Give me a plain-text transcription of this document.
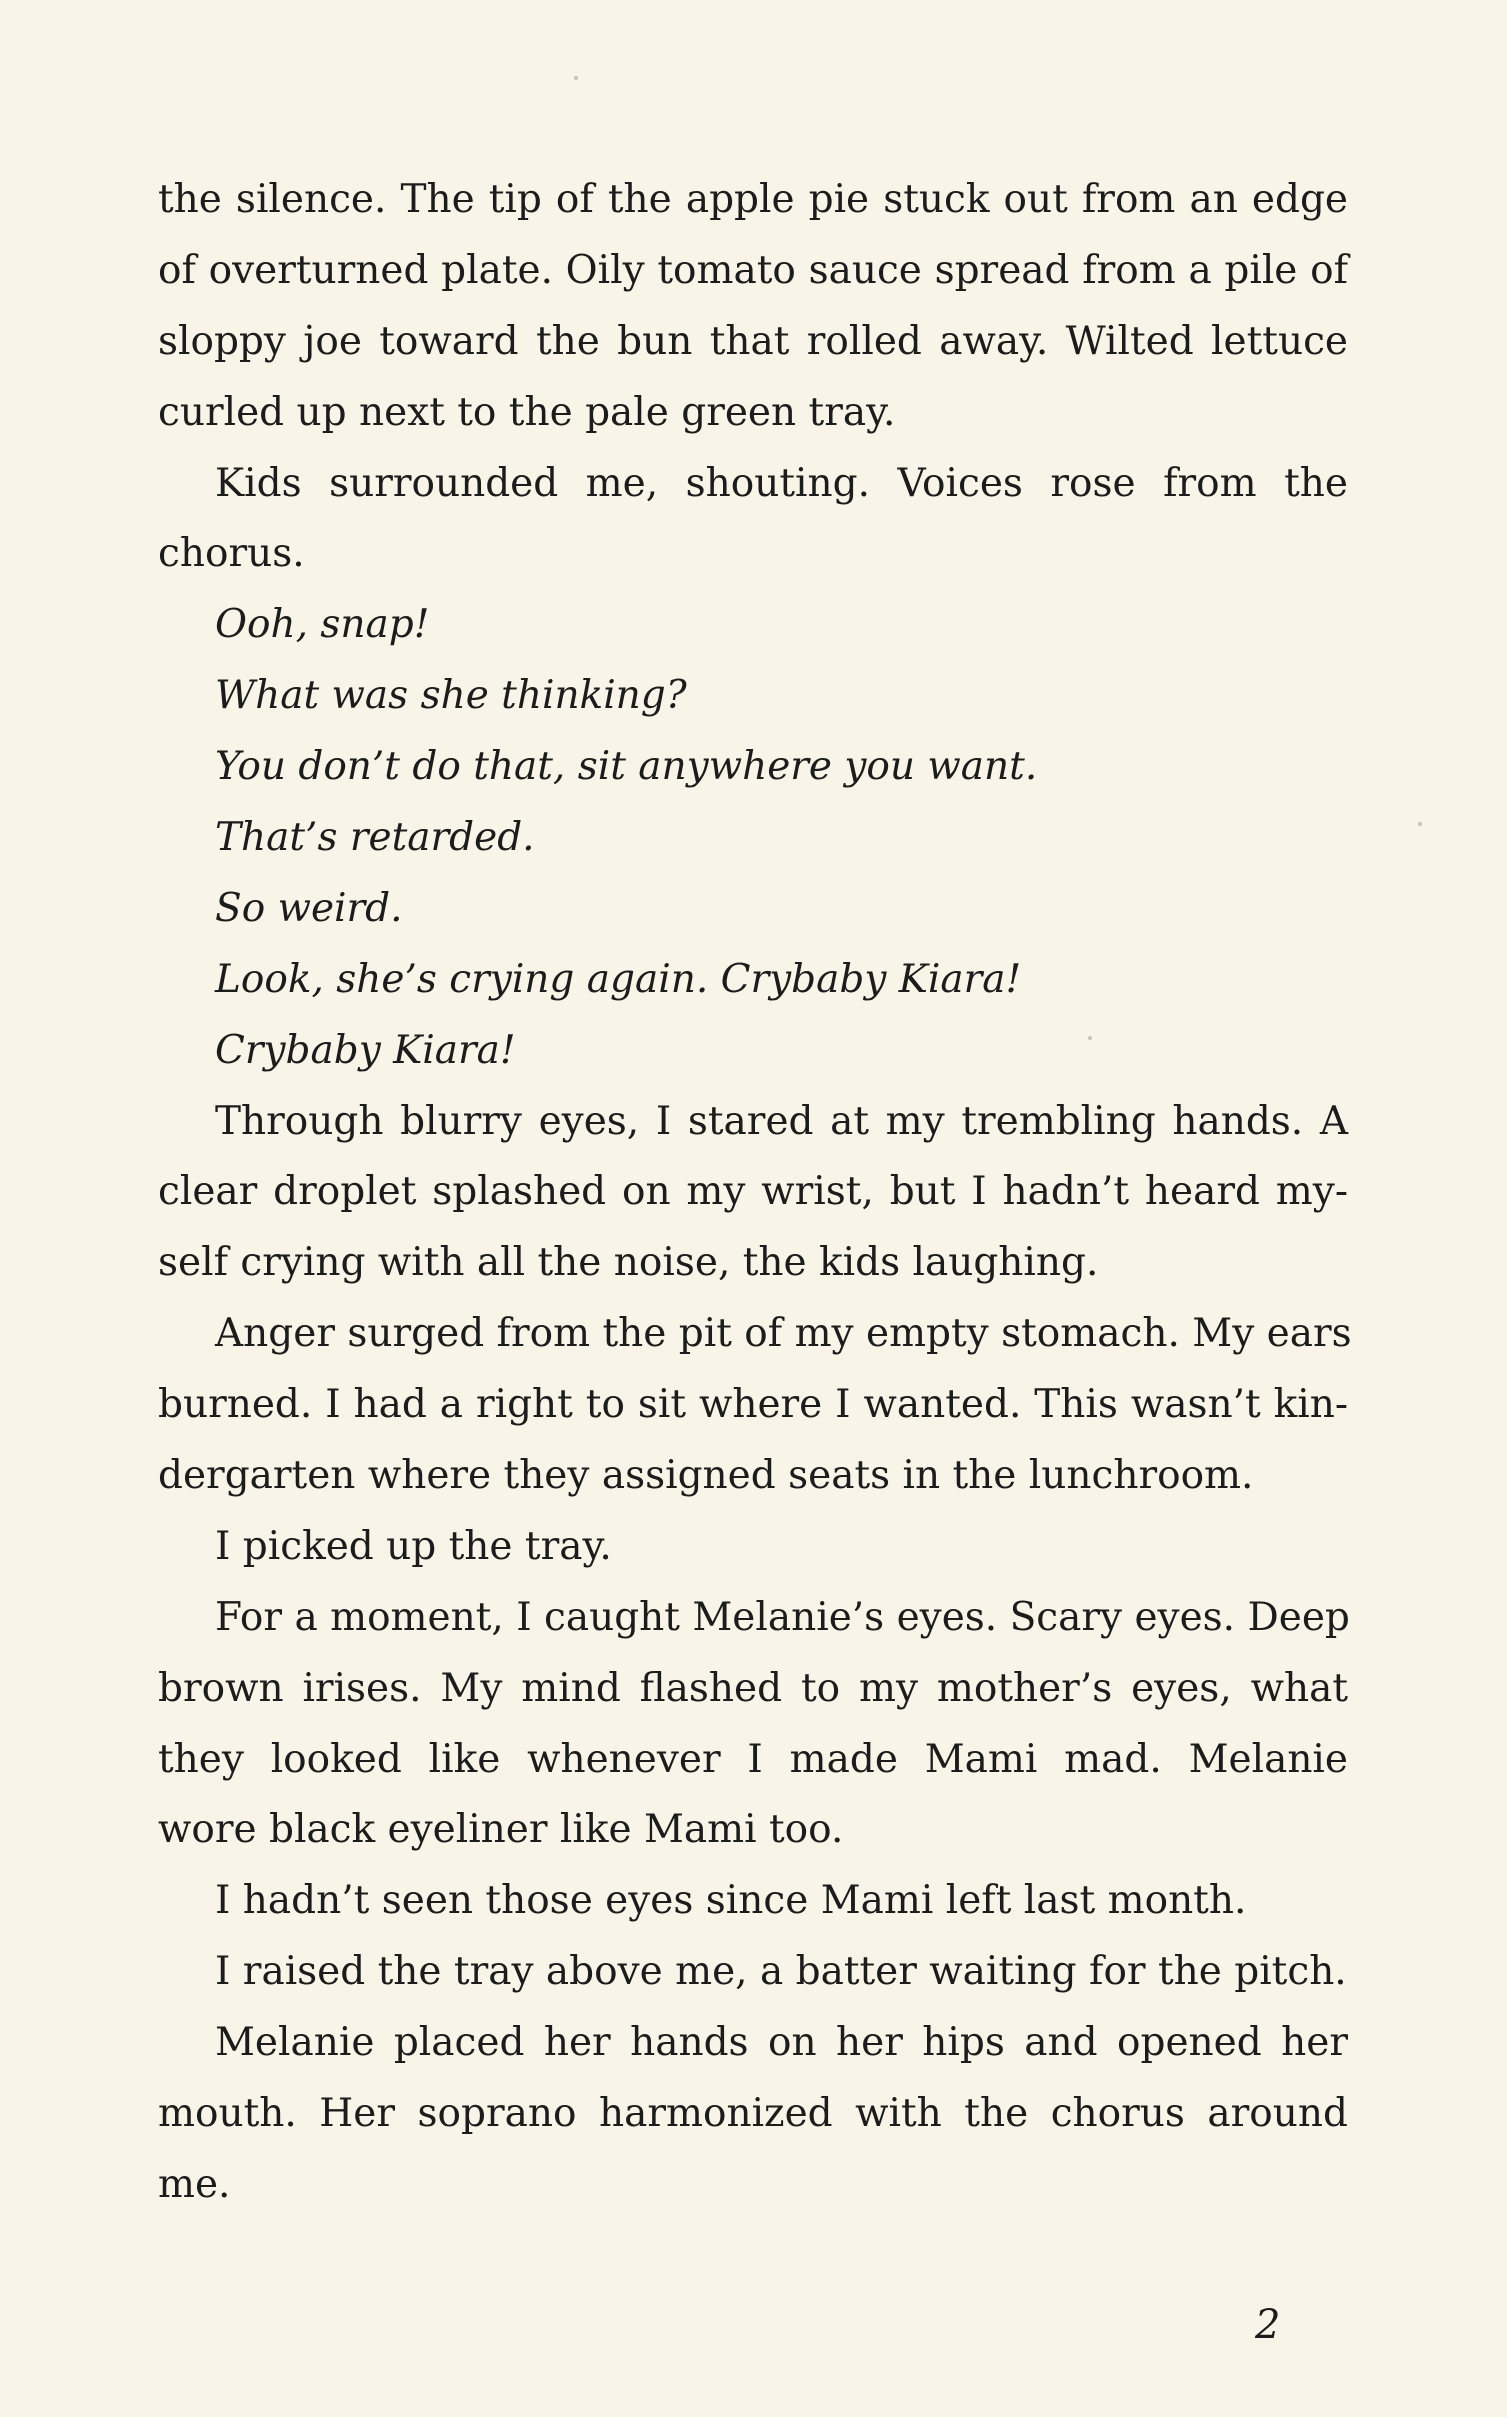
the silence. The tip of the apple pie stuck out from an edge

of overturned plate. Oily tomato sauce spread from a pile of

sloppy joe toward the bun that rolled away. Wilted lettuce

curled up next to the pale green tray.

Kids surrounded me, shouting. Voices rose from the

chorus.

Ooh, snap!

What was she thinking?

You don’t do that, sit anywhere you want.

That’s retarded.

So weird.

Look, she’s crying again. Crybaby Kiara!

Crybaby Kiara!

Through blurry eyes, I stared at my trembling hands. A

clear droplet splashed on my wrist, but I hadn’t heard my-

self crying with all the noise, the kids laughing.

Anger surged from the pit of my empty stomach. My ears

burned. I had a right to sit where I wanted. This wasn’t kin-

dergarten where they assigned seats in the lunchroom.

I picked up the tray.

For a moment, I caught Melanie’s eyes. Scary eyes. Deep

brown irises. My mind flashed to my mother’s eyes, what

they looked like whenever I made Mami mad. Melanie

wore black eyeliner like Mami too.

I hadn’t seen those eyes since Mami left last month.

I raised the tray above me, a batter waiting for the pitch.

Melanie placed her hands on her hips and opened her

mouth. Her soprano harmonized with the chorus around

me.

2
